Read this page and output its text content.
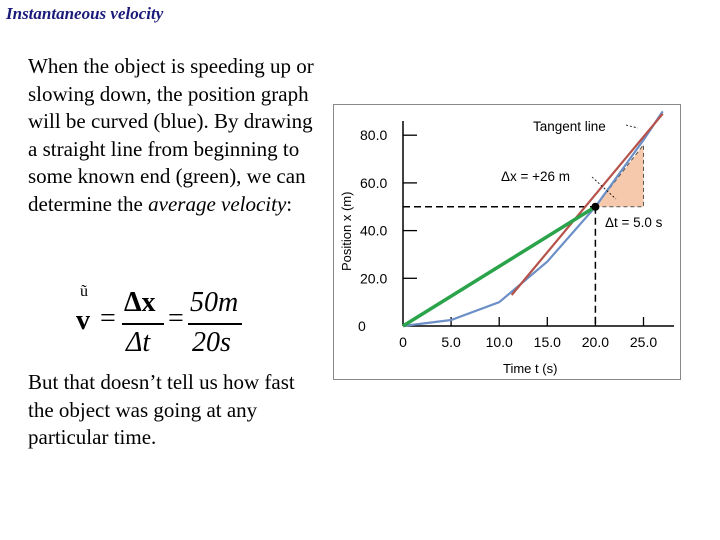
Instantaneous velocity
When the object is speeding up or slowing down, the position graph will be curved (blue). By drawing a straight line from beginning to some known end (green), we can determine the average velocity:
ũ
v =
Δx
Δt
=
50m
20s
But that doesn’t tell us how fast the object was going at any particular time.
80.0
60.0
40.0
20.0
0
0 5.0 10.0 15.0 20.0 25.0
Tangent line
Δx = +26 m
Δt = 5.0 s
Time t (s)
Position x (m)
